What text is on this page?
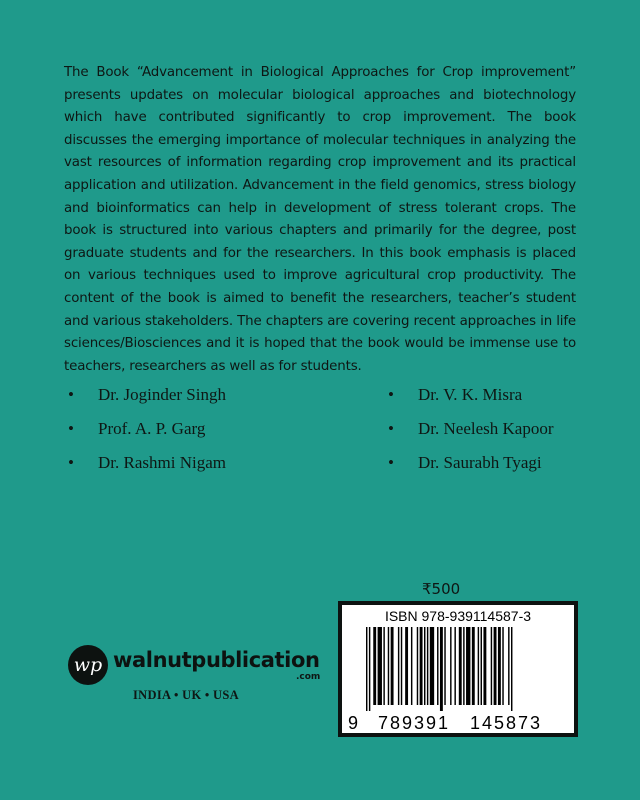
The Book “Advancement in Biological Approaches for Crop improvement” presents updates on molecular biological approaches and biotechnology which have contributed significantly to crop improvement. The book discusses the emerging importance of molecular techniques in analyzing the vast resources of information regarding crop improvement and its practical application and utilization. Advancement in the field genomics, stress biology and bioinformatics can help in development of stress tolerant crops. The book is structured into various chapters and primarily for the degree, post graduate students and for the researchers. In this book emphasis is placed on various techniques used to improve agricultural crop productivity. The content of the book is aimed to benefit the researchers, teacher’s student and various stakeholders. The chapters are covering recent approaches in life sciences/Biosciences and it is hoped that the book would be immense use to teachers, researchers as well as for students.
• Dr. Joginder Singh
• Prof. A. P. Garg
• Dr. Rashmi Nigam
• Dr. V. K. Misra
• Dr. Neelesh Kapoor
• Dr. Saurabh Tyagi
₹500
ISBN 978-939114587-3
9 789391 145873
wp walnutpublication
.com
INDIA • UK • USA
